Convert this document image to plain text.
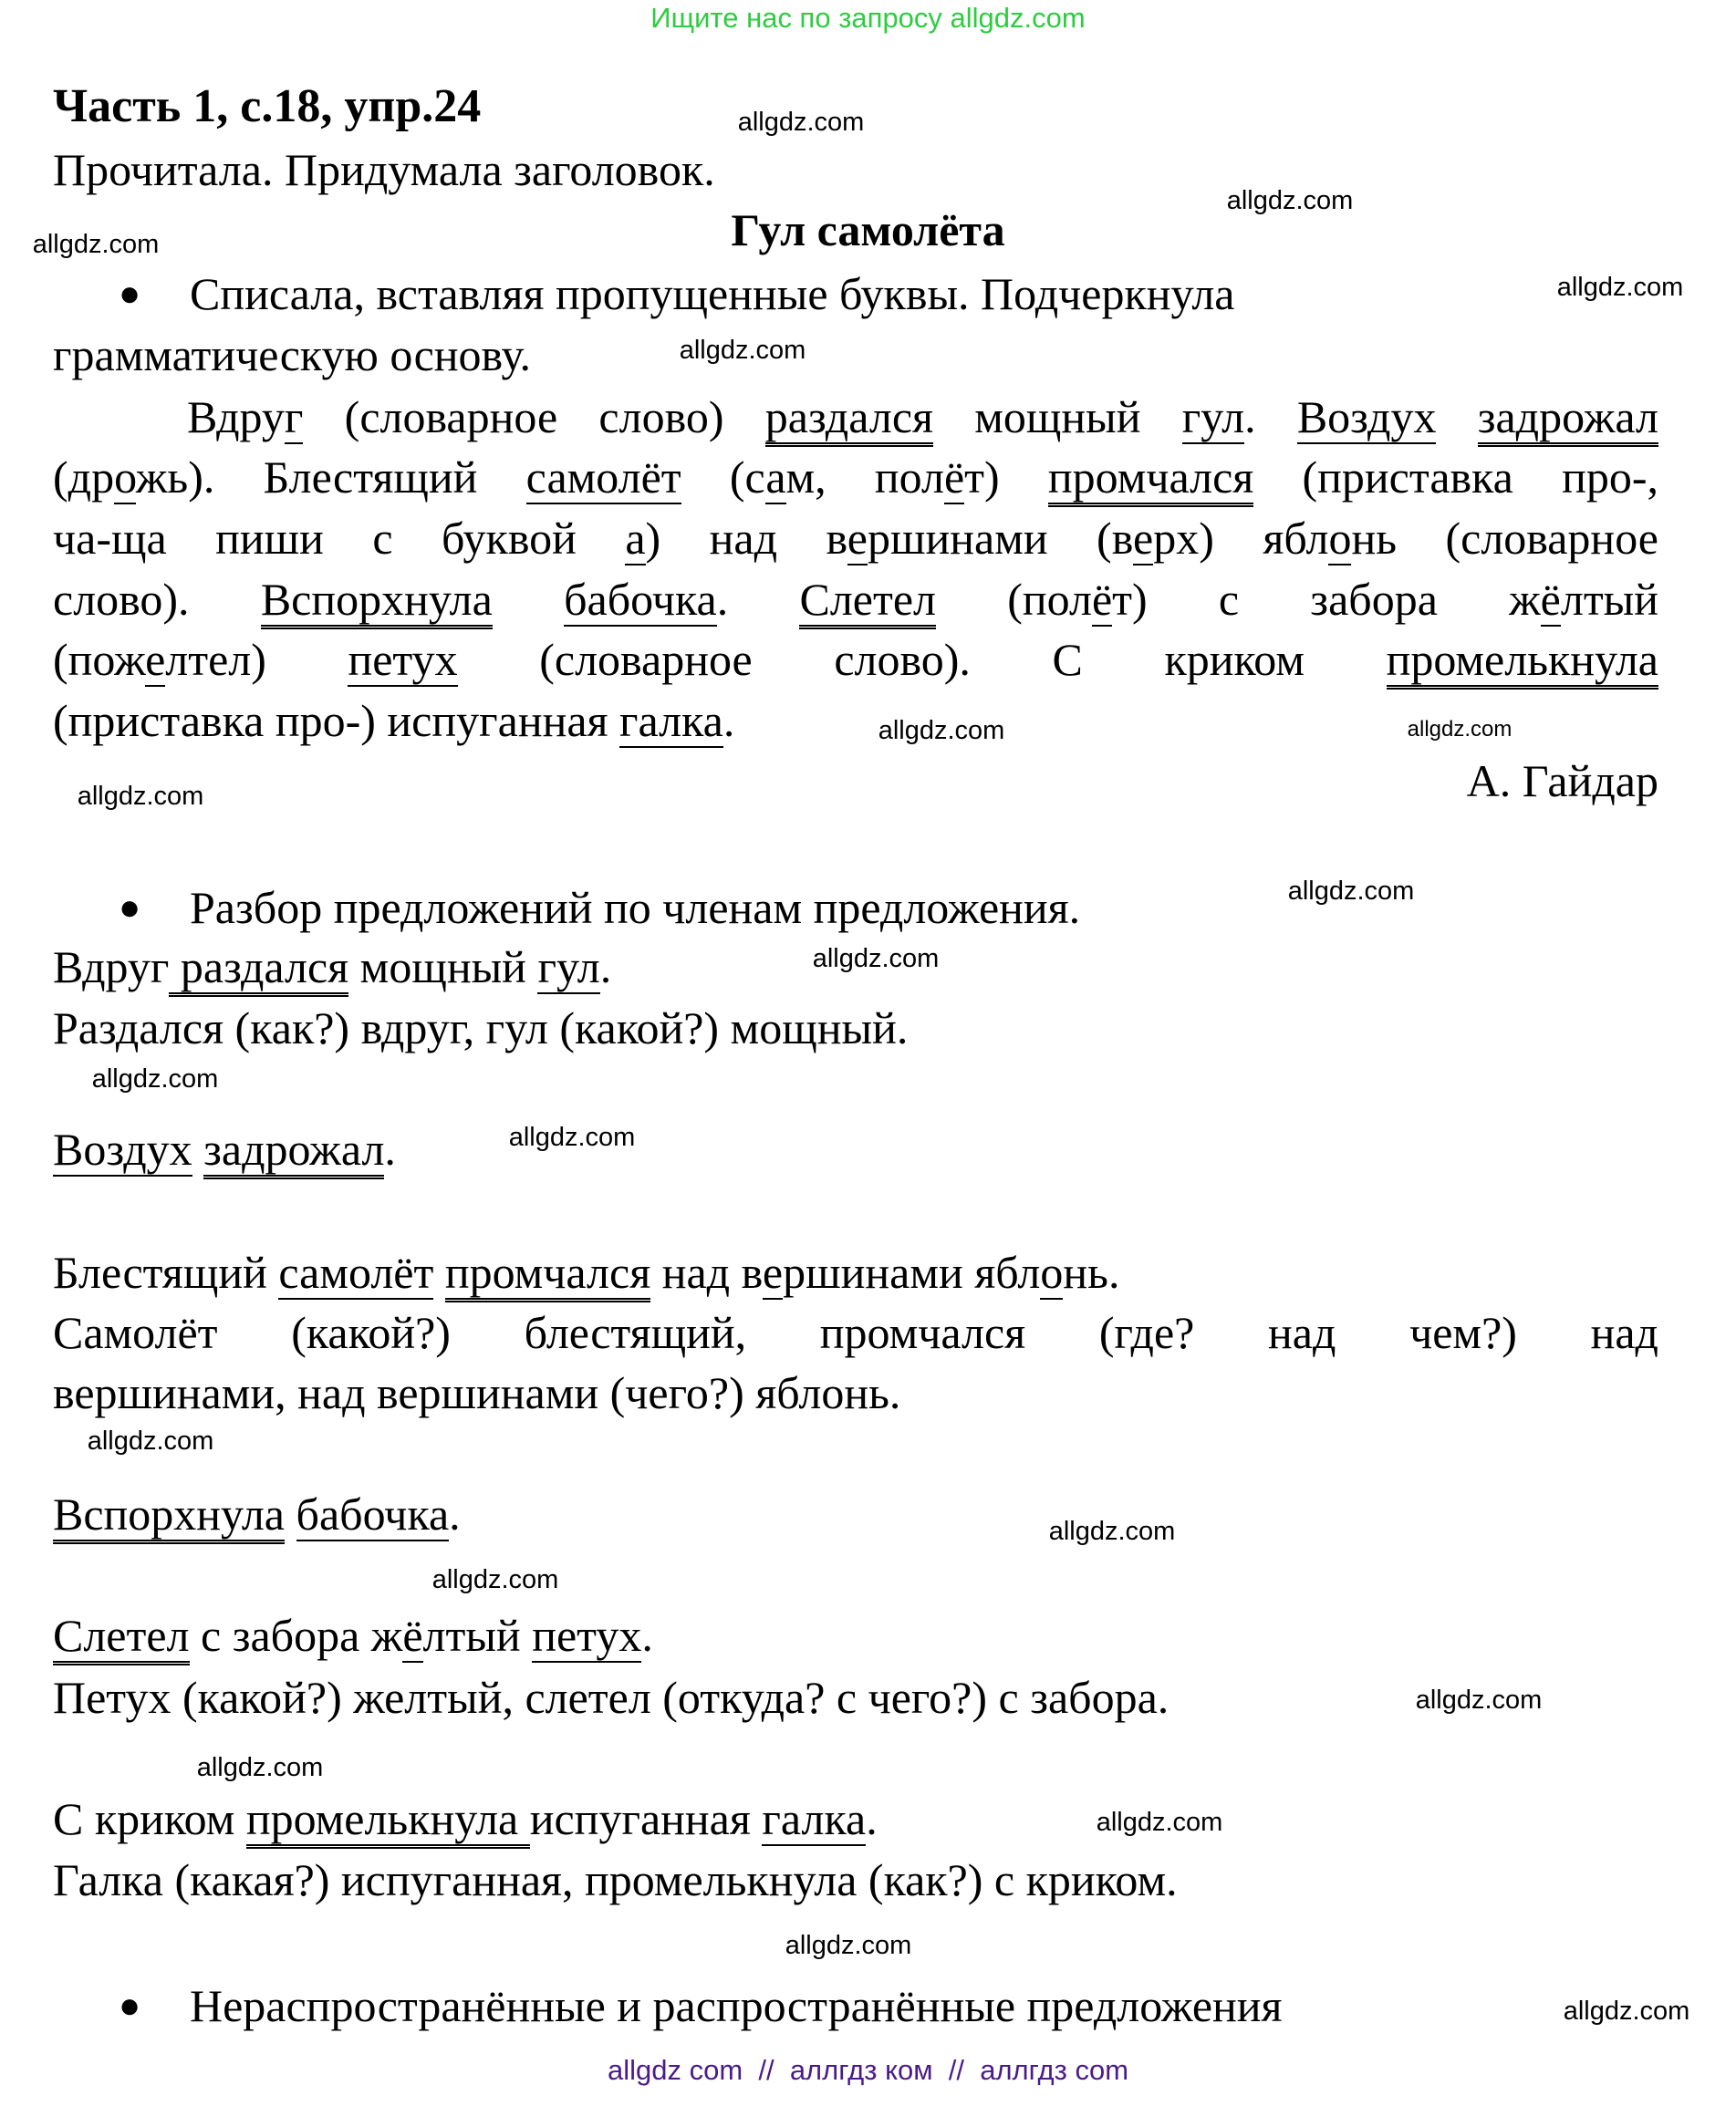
Ищите нас по запросу allgdz.com
Часть 1, с.18, упр.24
Прочитала. Придумала заголовок.
Гул самолёта
● Списала, вставляя пропущенные буквы. Подчеркнула
грамматическую основу.
Вдруг (словарное слово) раздался мощный гул. Воздух задрожал
(дрожь). Блестящий самолёт (сам, полёт) промчался (приставка про-,
ча-ща пиши с буквой а) над вершинами (верх) яблонь (словарное
слово). Вспорхнула бабочка. Слетел (полёт) с забора жёлтый
(пожелтел) петух (словарное слово). С криком промелькнула
(приставка про-) испуганная галка.
А. Гайдар
● Разбор предложений по членам предложения.
Вдруг раздался мощный гул.
Раздался (как?) вдруг, гул (какой?) мощный.
Воздух задрожал.
Блестящий самолёт промчался над вершинами яблонь.
Самолёт (какой?) блестящий, промчался (где? над чем?) над
вершинами, над вершинами (чего?) яблонь.
Вспорхнула бабочка.
Слетел с забора жёлтый петух.
Петух (какой?) желтый, слетел (откуда? с чего?) с забора.
С криком промелькнула испуганная галка.
Галка (какая?) испуганная, промелькнула (как?) с криком.
● Нераспространённые и распространённые предложения
allgdz.com
allgdz.com
allgdz.com
allgdz.com
allgdz.com
allgdz.com
allgdz.com
allgdz.com
allgdz.com
allgdz.com
allgdz.com
allgdz.com
allgdz.com
allgdz.com
allgdz.com
allgdz.com
allgdz.com
allgdz.com
allgdz.com
allgdz.com
allgdz com  //  аллгдз ком  //  аллгдз com
